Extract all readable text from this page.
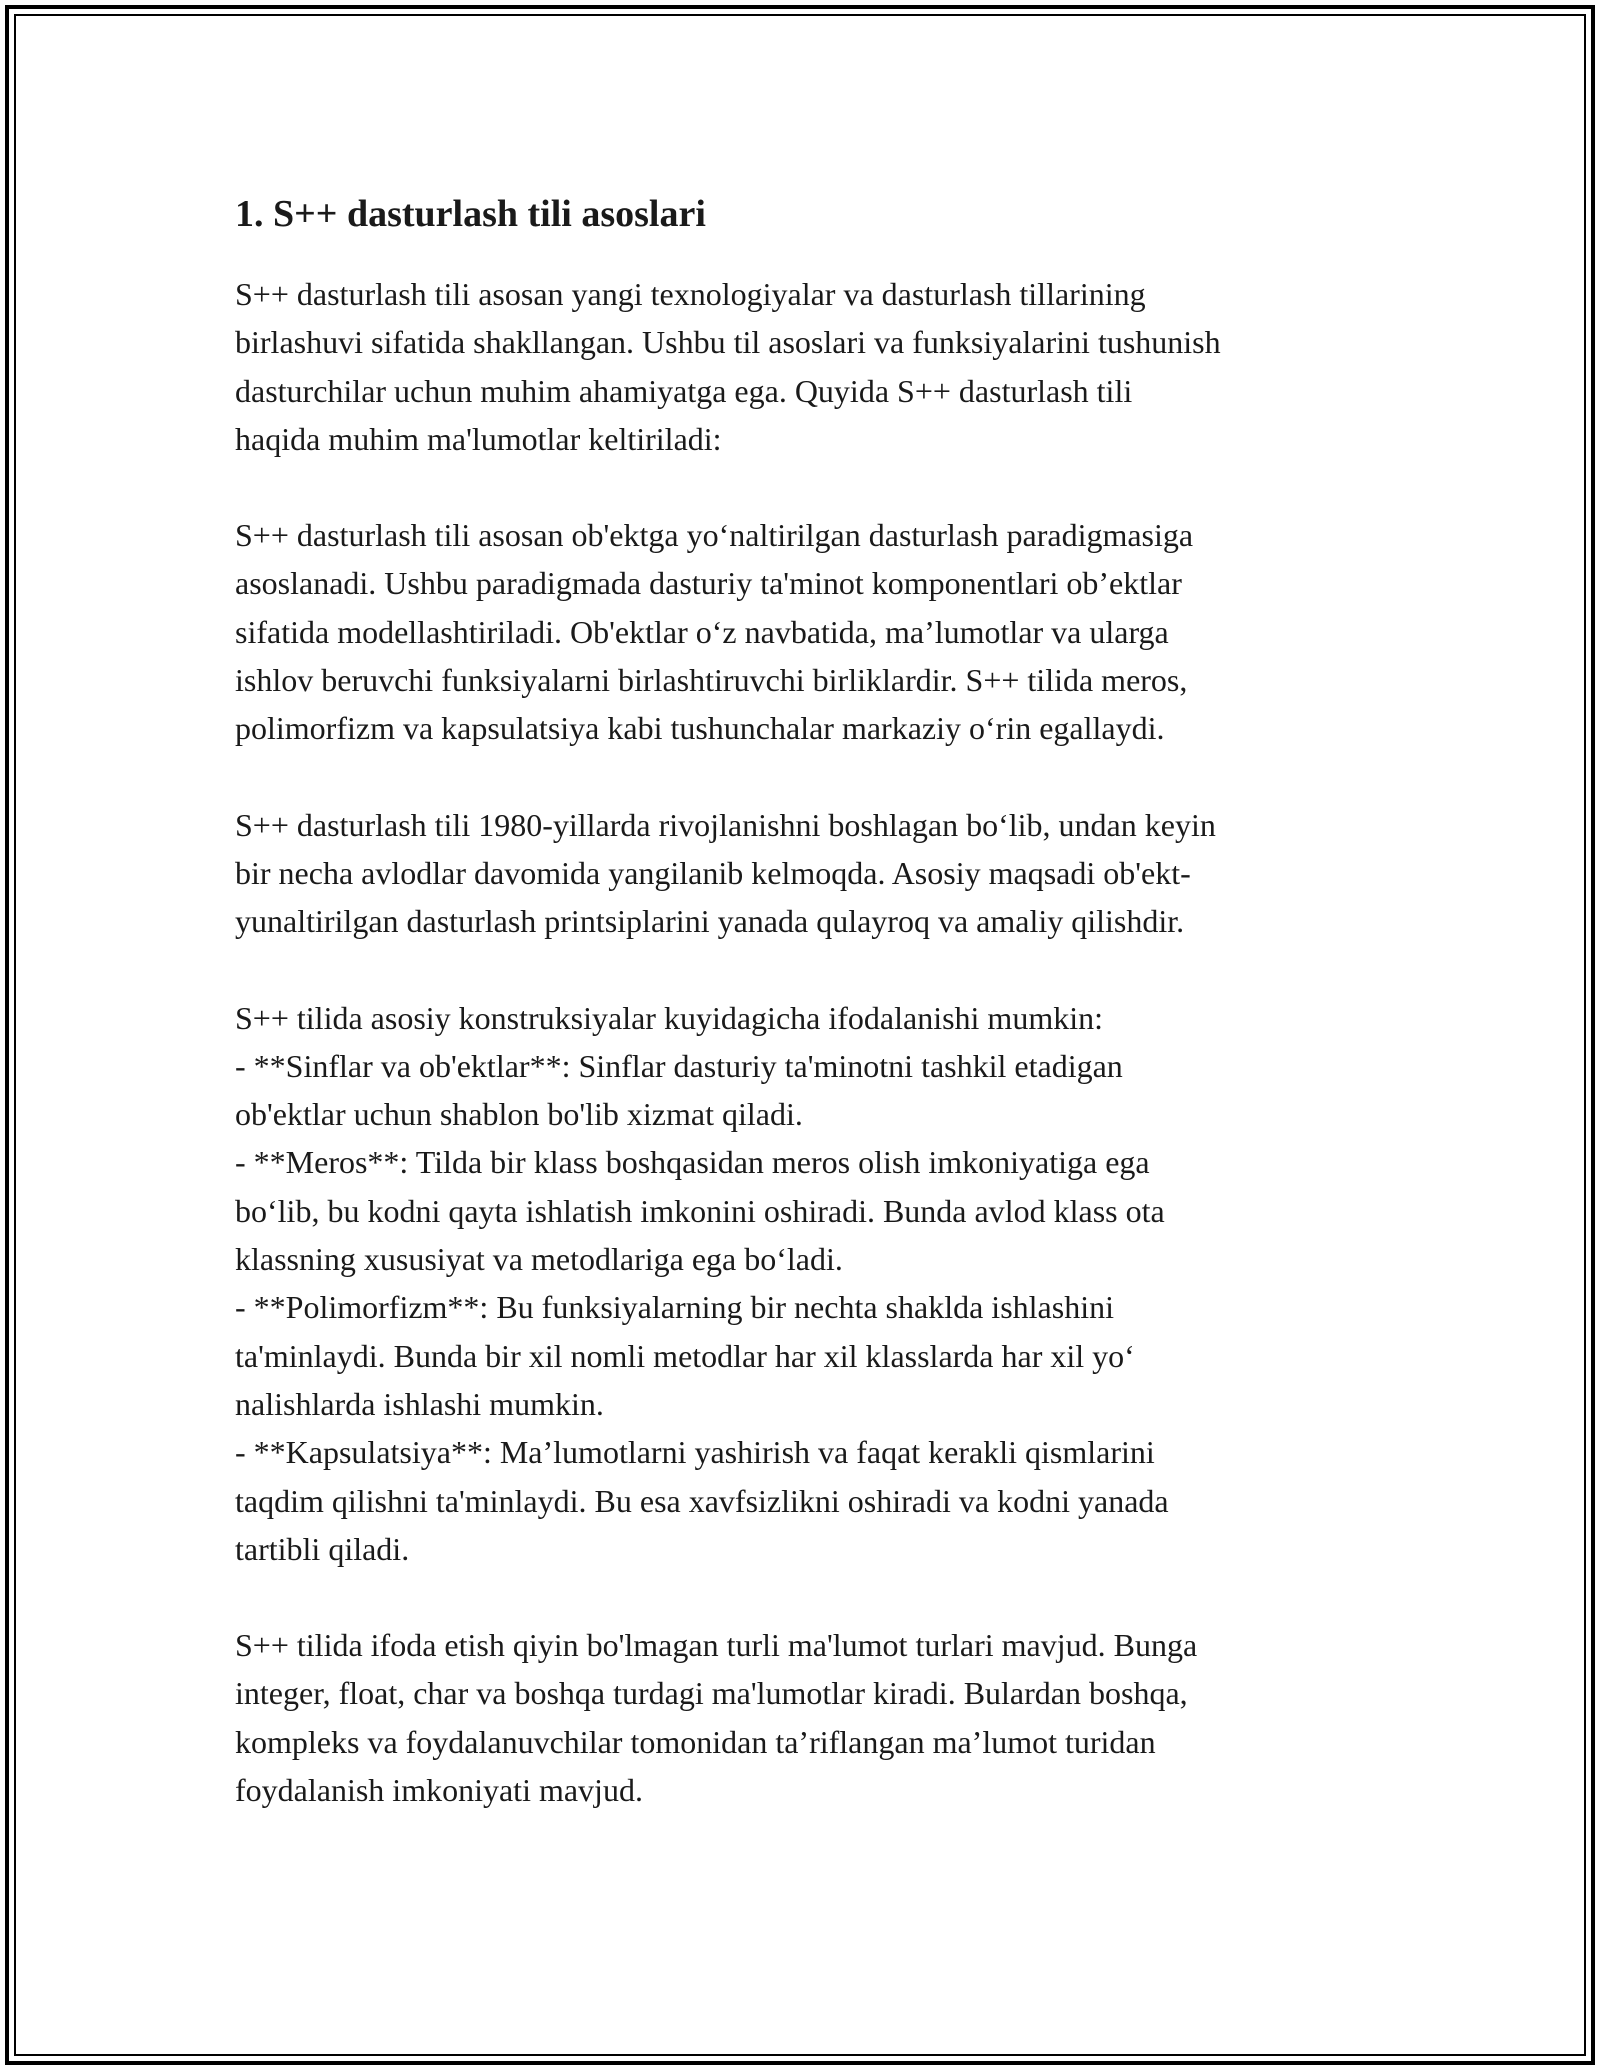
1. S++ dasturlash tili asoslari

S++ dasturlash tili asosan yangi texnologiyalar va dasturlash tillarining
birlashuvi sifatida shakllangan. Ushbu til asoslari va funksiyalarini tushunish
dasturchilar uchun muhim ahamiyatga ega. Quyida S++ dasturlash tili
haqida muhim ma'lumotlar keltiriladi:

S++ dasturlash tili asosan ob'ektga yo‘naltirilgan dasturlash paradigmasiga
asoslanadi. Ushbu paradigmada dasturiy ta'minot komponentlari ob’ektlar
sifatida modellashtiriladi. Ob'ektlar o‘z navbatida, ma’lumotlar va ularga
ishlov beruvchi funksiyalarni birlashtiruvchi birliklardir. S++ tilida meros,
polimorfizm va kapsulatsiya kabi tushunchalar markaziy o‘rin egallaydi.

S++ dasturlash tili 1980-yillarda rivojlanishni boshlagan bo‘lib, undan keyin
bir necha avlodlar davomida yangilanib kelmoqda. Asosiy maqsadi ob'ekt-
yunaltirilgan dasturlash printsiplarini yanada qulayroq va amaliy qilishdir.

S++ tilida asosiy konstruksiyalar kuyidagicha ifodalanishi mumkin:
- **Sinflar va ob'ektlar**: Sinflar dasturiy ta'minotni tashkil etadigan
ob'ektlar uchun shablon bo'lib xizmat qiladi.
- **Meros**: Tilda bir klass boshqasidan meros olish imkoniyatiga ega
bo‘lib, bu kodni qayta ishlatish imkonini oshiradi. Bunda avlod klass ota
klassning xususiyat va metodlariga ega bo‘ladi.
- **Polimorfizm**: Bu funksiyalarning bir nechta shaklda ishlashini
ta'minlaydi. Bunda bir xil nomli metodlar har xil klasslarda har xil yo‘
nalishlarda ishlashi mumkin.
- **Kapsulatsiya**: Ma’lumotlarni yashirish va faqat kerakli qismlarini
taqdim qilishni ta'minlaydi. Bu esa xavfsizlikni oshiradi va kodni yanada
tartibli qiladi.

S++ tilida ifoda etish qiyin bo'lmagan turli ma'lumot turlari mavjud. Bunga
integer, float, char va boshqa turdagi ma'lumotlar kiradi. Bulardan boshqa,
kompleks va foydalanuvchilar tomonidan ta’riflangan ma’lumot turidan
foydalanish imkoniyati mavjud.
